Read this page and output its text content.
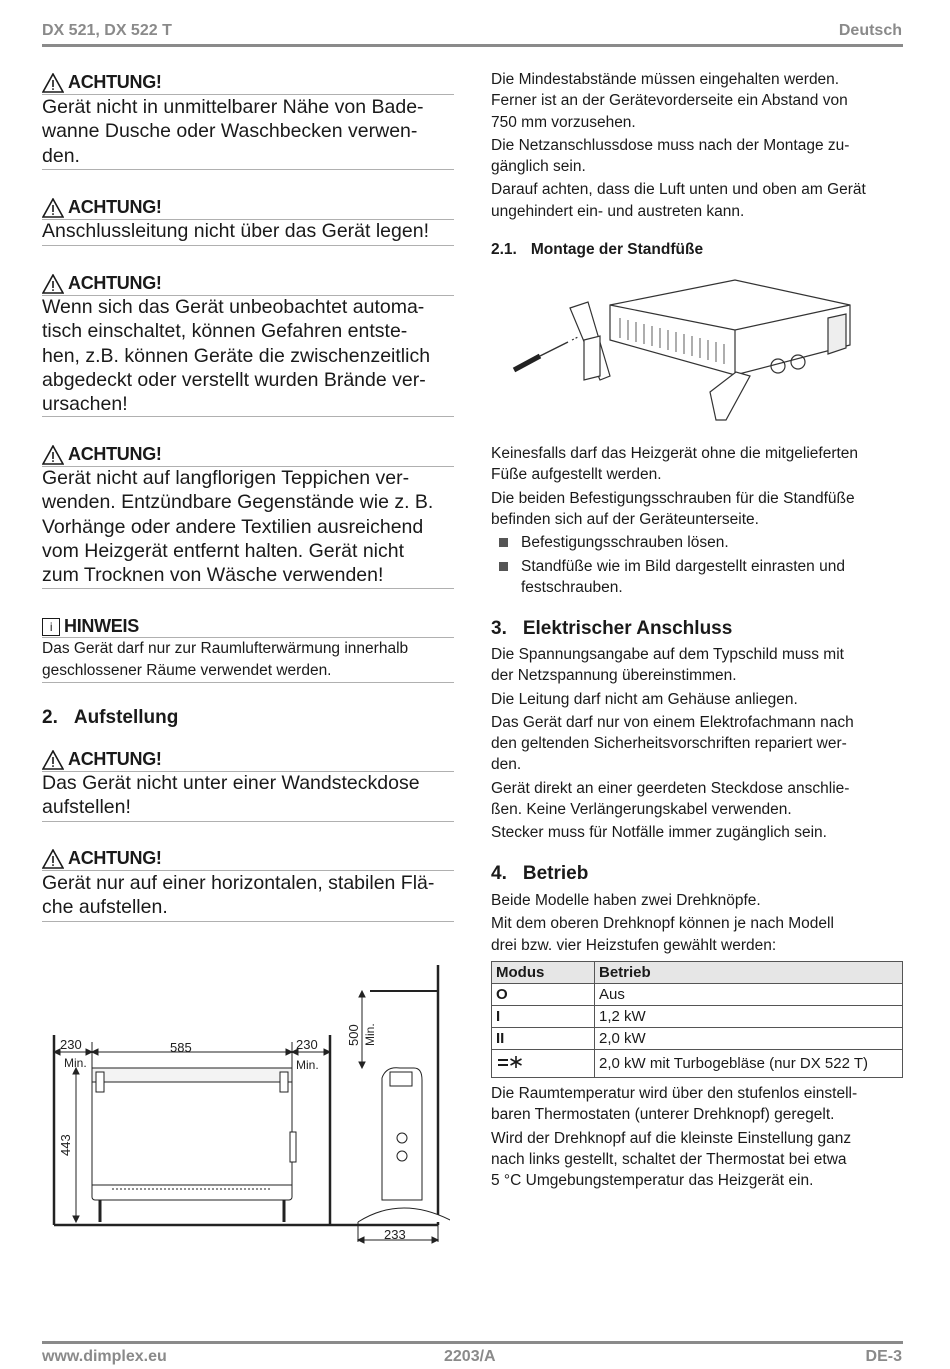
DX 521, DX 522 T	Deutsch
ACHTUNG!
Gerät nicht in unmittelbarer Nähe von Bade-
wanne Dusche oder Waschbecken verwen-
den.
ACHTUNG!
Anschlussleitung nicht über das Gerät legen!
ACHTUNG!
Wenn sich das Gerät unbeobachtet automa-
tisch einschaltet, können Gefahren entste-
hen, z.B. können Geräte die zwischenzeitlich
abgedeckt oder verstellt wurden Brände ver-
ursachen!
ACHTUNG!
Gerät nicht auf langflorigen Teppichen ver-
wenden. Entzündbare Gegenstände wie z. B.
Vorhänge oder andere Textilien ausreichend
vom Heizgerät entfernt halten. Gerät nicht
zum Trocknen von Wäsche verwenden!
i HINWEIS
Das Gerät darf nur zur Raumlufterwärmung innerhalb
geschlossener Räume verwendet werden.
2. Aufstellung
ACHTUNG!
Das Gerät nicht unter einer Wandsteckdose
aufstellen!
ACHTUNG!
Gerät nur auf einer horizontalen, stabilen Flä-
che aufstellen.
230
Min.
585	230
Min.
443
500 Min.
233

Die Mindestabstände müssen eingehalten werden.
Ferner ist an der Gerätevorderseite ein Abstand von
750 mm vorzusehen.

Die Netzanschlussdose muss nach der Montage zu-
gänglich sein.

Darauf achten, dass die Luft unten und oben am Gerät
ungehindert ein- und austreten kann.

2.1. Montage der Standfüße

Keinesfalls darf das Heizgerät ohne die mitgelieferten
Füße aufgestellt werden.

Die beiden Befestigungsschrauben für die Standfüße
befinden sich auf der Geräteunterseite.

Befestigungsschrauben lösen.
Standfüße wie im Bild dargestellt einrasten und
festschrauben.
3. Elektrischer Anschluss

Die Spannungsangabe auf dem Typschild muss mit
der Netzspannung übereinstimmen.

Die Leitung darf nicht am Gehäuse anliegen.

Das Gerät darf nur von einem Elektrofachmann nach
den geltenden Sicherheitsvorschriften repariert wer-
den.

Gerät direkt an einer geerdeten Steckdose anschlie-
ßen. Keine Verlängerungskabel verwenden.

Stecker muss für Notfälle immer zugänglich sein.

4. Betrieb

Beide Modelle haben zwei Drehknöpfe.

Mit dem oberen Drehknopf können je nach Modell
drei bzw. vier Heizstufen gewählt werden:

Modus	Betrieb
O	Aus
I	1,2 kW
II	2,0 kW
	2,0 kW mit Turbogebläse (nur DX 522 T)

Die Raumtemperatur wird über den stufenlos einstell-
baren Thermostaten (unterer Drehknopf) geregelt.

Wird der Drehknopf auf die kleinste Einstellung ganz
nach links gestellt, schaltet der Thermostat bei etwa
5 °C Umgebungstemperatur das Heizgerät ein.

www.dimplex.eu	2203/A	DE-3
